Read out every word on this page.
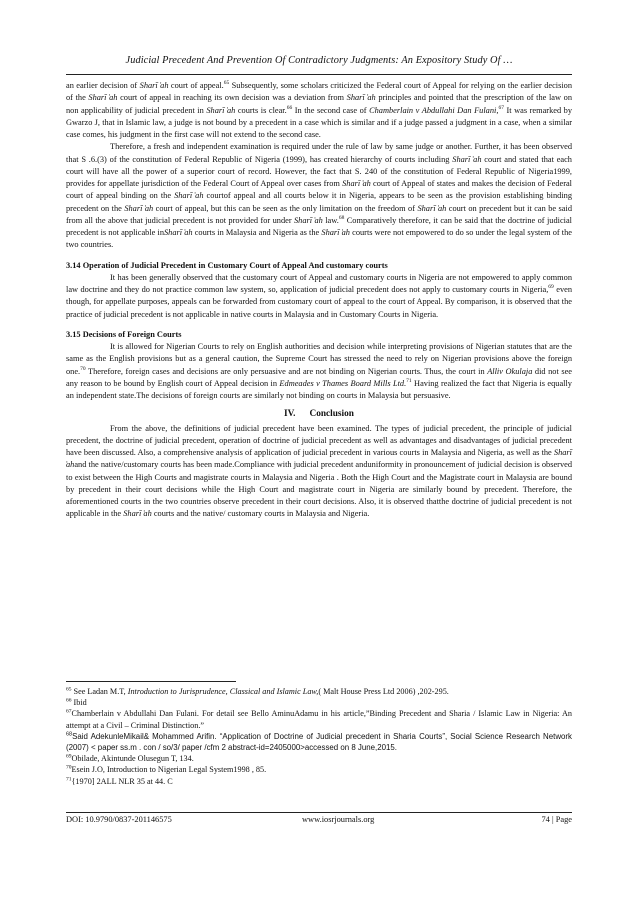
Judicial Precedent And Prevention Of Contradictory Judgments: An Expository Study Of …

an earlier decision of Sharī ̒ah court of appeal.$^{65}$ Subsequently, some scholars criticized the Federal court of Appeal for relying on the earlier decision of the Sharī ̒ah court of appeal in reaching its own decision was a deviation from Sharī ̒ah principles and pointed that the prescription of the law on non applicability of judicial precedent in Sharī ̒ah courts is clear.$^{66}$ In the second case of Chamberlain v Abdullahi Dan Fulani,$^{67}$ It was remarked by Gwarzo J, that in Islamic law, a judge is not bound by a precedent in a case which is similar and if a judge passed a judgment in a case, when a similar case comes, his judgment in the first case will not extend to the second case.

Therefore, a fresh and independent examination is required under the rule of law by same judge or another. Further, it has been observed that S .6.(3) of the constitution of Federal Republic of Nigeria (1999), has created hierarchy of courts including Sharī ̒ah court and stated that each court will have all the power of a superior court of record. However, the fact that S. 240 of the constitution of Federal Republic of Nigeria1999, provides for appellate jurisdiction of the Federal Court of Appeal over cases from Sharī ̒ah court of Appeal of states and makes the decision of Federal court of appeal binding on the Sharī ̒ah courtof appeal and all courts below it in Nigeria, appears to be seen as the provision establishing binding precedent on the Sharī ̒ah court of appeal, but this can be seen as the only limitation on the freedom of Sharī ̒ah court on precedent but it can be said from all the above that judicial precedent is not provided for under Sharī ̒ah law.$^{68}$ Comparatively therefore, it can be said that the doctrine of judicial precedent is not applicable inSharī ̒ah courts in Malaysia and Nigeria as the Sharī ̒ah courts were not empowered to do so under the legal system of the two countries.

3.14 Operation of Judicial Precedent in Customary Court of Appeal And customary courts

It has been generally observed that the customary court of Appeal and customary courts in Nigeria are not empowered to apply common law doctrine and they do not practice common law system, so, application of judicial precedent does not apply to customary courts in Nigeria,$^{69}$ even though, for appellate purposes, appeals can be forwarded from customary court of appeal to the court of Appeal. By comparison, it is observed that the practice of judicial precedent is not applicable in native courts in Malaysia and in Customary Courts in Nigeria.

3.15 Decisions of Foreign Courts

It is allowed for Nigerian Courts to rely on English authorities and decision while interpreting provisions of Nigerian statutes that are the same as the English provisions but as a general caution, the Supreme Court has stressed the need to rely on Nigerian provisions above the foreign one.$^{70}$ Therefore, foreign cases and decisions are only persuasive and are not binding on Nigerian courts. Thus, the court in Alliv Okulaja did not see any reason to be bound by English court of Appeal decision in Edmeades v Thames Board Mills Ltd.$^{71}$ Having realized the fact that Nigeria is equally an independent state.The decisions of foreign courts are similarly not binding on courts in Malaysia but persuasive.

IV. Conclusion

From the above, the definitions of judicial precedent have been examined. The types of judicial precedent, the principle of judicial precedent, the doctrine of judicial precedent, operation of doctrine of judicial precedent as well as advantages and disadvantages of judicial precedent have been discussed. Also, a comprehensive analysis of application of judicial precedent in various courts in Malaysia and Nigeria, as well as the Sharī ̒ahand the native/customary courts has been made.Compliance with judicial precedent anduniformity in pronouncement of judicial decision is observed to exist between the High Courts and magistrate courts in Malaysia and Nigeria . Both the High Court and the Magistrate court in Malaysia are bound by precedent in their court decisions while the High Court and magistrate court in Nigeria are similarly bound by precedent. Therefore, the aforementioned courts in the two countries observe precedent in their court decisions. Also, it is observed thatthe doctrine of judicial precedent is not applicable in the Sharī ̒ah courts and the native/ customary courts in Malaysia and Nigeria.

$^{65}$ See Ladan M.T, Introduction to Jurisprudence, Classical and Islamic Law,( Malt House Press Ltd 2006) ,202-295.

$^{66}$ Ibid

$^{67}$Chamberlain v Abdullahi Dan Fulani. For detail see Bello AminuAdamu in his article,”Binding Precedent and Sharia / Islamic Law in Nigeria: An attempt at a Civil – Criminal Distinction.”

$^{68}$Said AdekunleMikail& Mohammed Arifin. “Application of Doctrine of Judicial precedent in Sharia Courts”, Social Science Research Network (2007) < paper ss.m . con / so/3/ paper /cfm 2 abstract-id=2405000>accessed on 8 June,2015.

$^{69}$Obilade, Akintunde Olusegun T, 134.

$^{70}$Esein J.O, Introduction to Nigerian Legal System1998 , 85.

$^{71}${1970] 2ALL NLR 35 at 44. C

DOI: 10.9790/0837-201146575	www.iosrjournals.org	74 | Page
